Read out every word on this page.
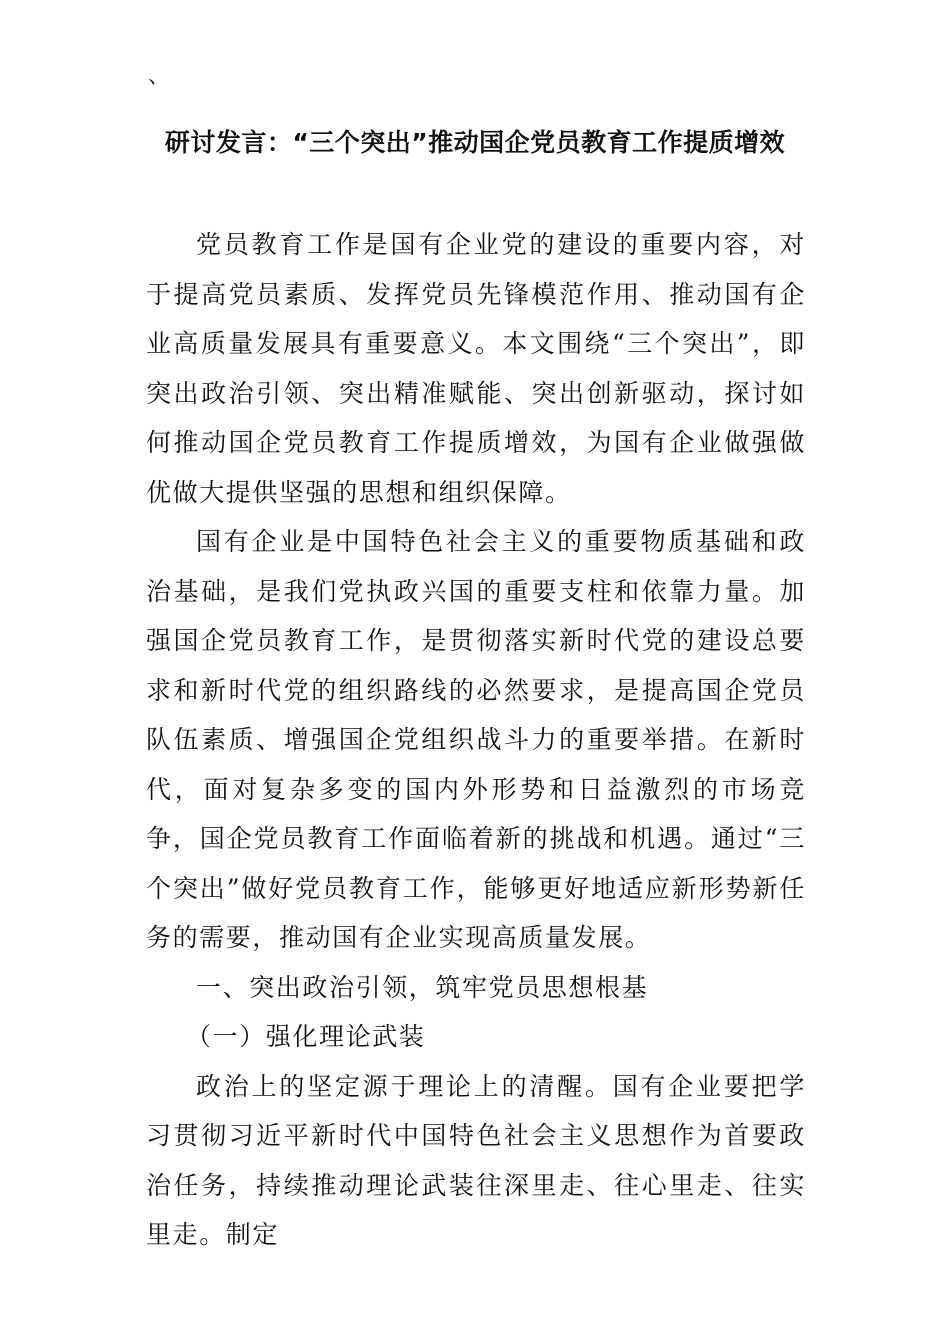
、
研讨发言：“三个突出”推动国企党员教育工作提质增效

党员教育工作是国有企业党的建设的重要内容，对于提高党员素质、发挥党员先锋模范作用、推动国有企业高质量发展具有重要意义。本文围绕“三个突出”，即突出政治引领、突出精准赋能、突出创新驱动，探讨如何推动国企党员教育工作提质增效，为国有企业做强做优做大提供坚强的思想和组织保障。

国有企业是中国特色社会主义的重要物质基础和政治基础，是我们党执政兴国的重要支柱和依靠力量。加强国企党员教育工作，是贯彻落实新时代党的建设总要求和新时代党的组织路线的必然要求，是提高国企党员队伍素质、增强国企党组织战斗力的重要举措。在新时代，面对复杂多变的国内外形势和日益激烈的市场竞争，国企党员教育工作面临着新的挑战和机遇。通过“三个突出”做好党员教育工作，能够更好地适应新形势新任务的需要，推动国有企业实现高质量发展。

一、突出政治引领，筑牢党员思想根基

（一）强化理论武装

政治上的坚定源于理论上的清醒。国有企业要把学习贯彻习近平新时代中国特色社会主义思想作为首要政治任务，持续推动理论武装往深里走、往心里走、往实里走。制定
